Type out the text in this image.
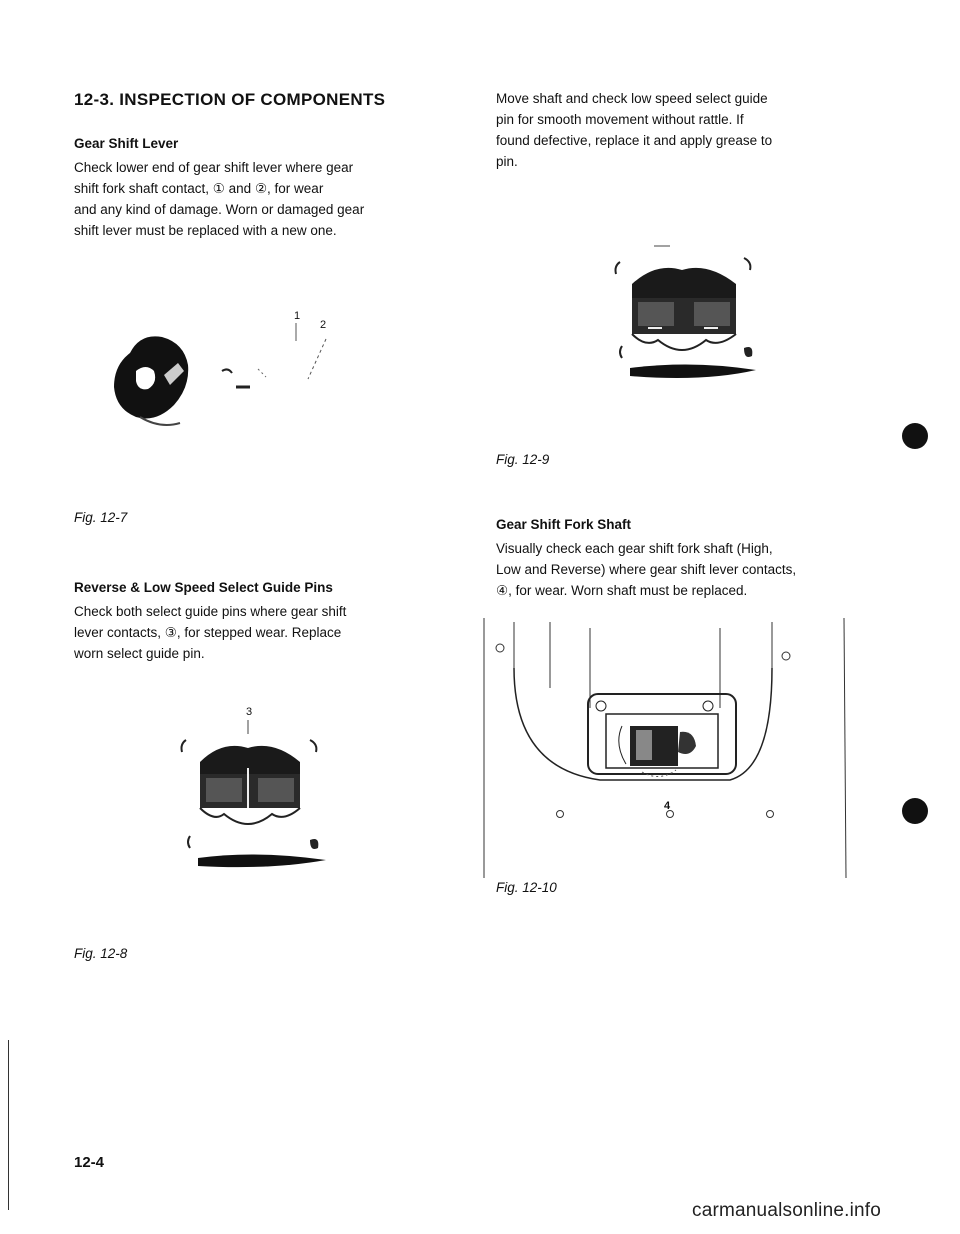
12-3. INSPECTION OF COMPONENTS
Gear Shift Lever

Check lower end of gear shift lever where gear

shift fork shaft contact, ① and ②, for wear

and any kind of damage. Worn or damaged gear

shift lever must be replaced with a new one.

1
2
Fig. 12-7
Reverse & Low Speed Select Guide Pins

Check both select guide pins where gear shift

lever contacts, ③, for stepped wear. Replace

worn select guide pin.

3
Fig. 12-8
12-4

Move shaft and check low speed select guide

pin for smooth movement without rattle. If

found defective, replace it and apply grease to

pin.

Fig. 12-9
Gear Shift Fork Shaft

Visually check each gear shift fork shaft (High,

Low and Reverse) where gear shift lever contacts,

④, for wear. Worn shaft must be replaced.

4
Fig. 12-10
carmanualsonline.info
